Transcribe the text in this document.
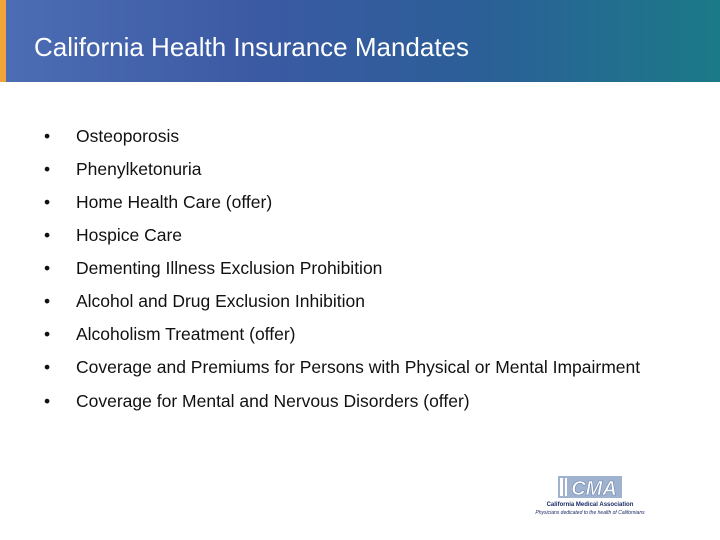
California Health Insurance Mandates
•	Osteoporosis
•	Phenylketonuria
•	Home Health Care (offer)
•	Hospice Care
•	Dementing Illness Exclusion Prohibition
•	Alcohol and Drug Exclusion Inhibition
•	Alcoholism Treatment (offer)
•	Coverage and Premiums for Persons with Physical or Mental Impairment
•	Coverage for Mental and Nervous Disorders (offer)
CMA
California Medical Association
Physicians dedicated to the health of Californians
